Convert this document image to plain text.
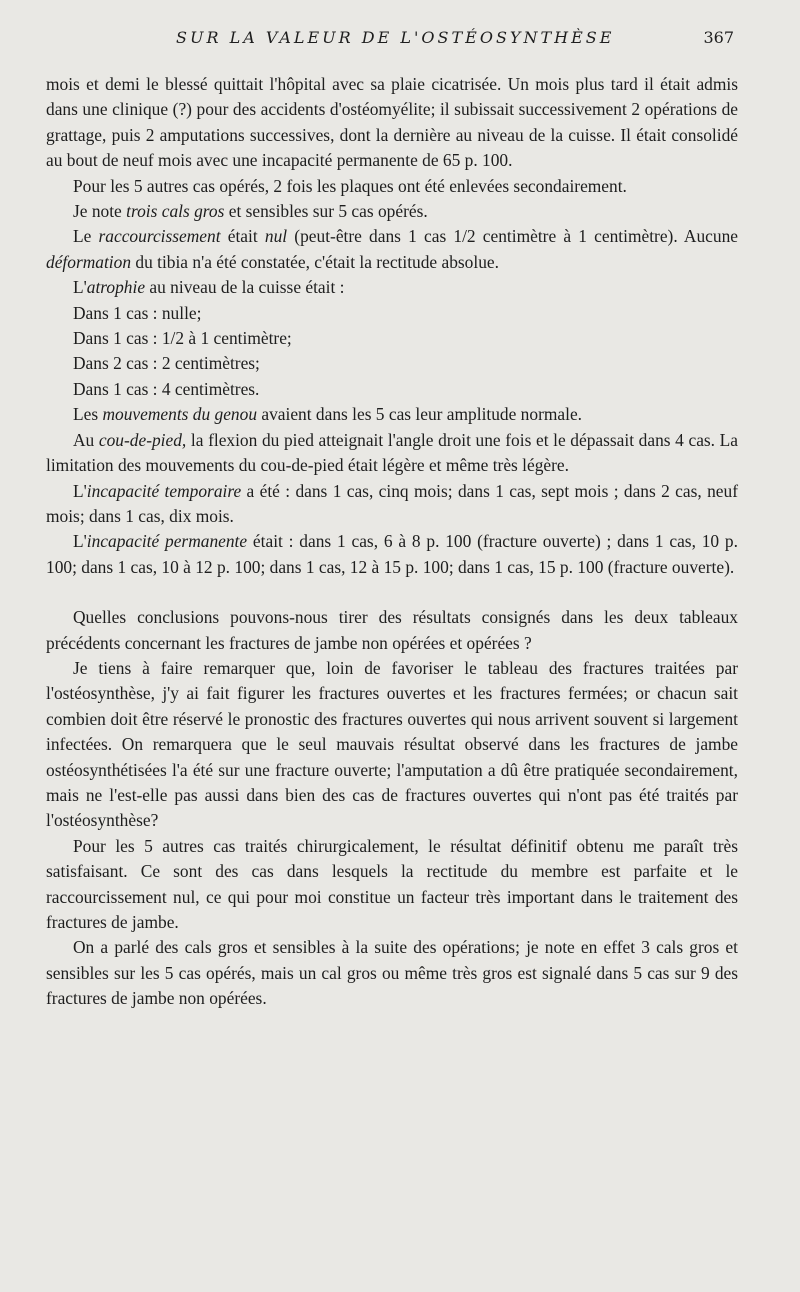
SUR LA VALEUR DE L'OSTÉOSYNTHÈSE	367

mois et demi le blessé quittait l'hôpital avec sa plaie cicatrisée. Un mois plus tard il était admis dans une clinique (?) pour des accidents d'ostéomyélite; il subissait successivement 2 opérations de grattage, puis 2 amputations successives, dont la dernière au niveau de la cuisse. Il était consolidé au bout de neuf mois avec une incapacité permanente de 65 p. 100.

Pour les 5 autres cas opérés, 2 fois les plaques ont été enlevées secondairement.

Je note trois cals gros et sensibles sur 5 cas opérés.

Le raccourcissement était nul (peut-être dans 1 cas 1/2 centimètre à 1 centimètre). Aucune déformation du tibia n'a été constatée, c'était la rectitude absolue.

L'atrophie au niveau de la cuisse était :

Dans 1 cas : nulle;

Dans 1 cas : 1/2 à 1 centimètre;

Dans 2 cas : 2 centimètres;

Dans 1 cas : 4 centimètres.

Les mouvements du genou avaient dans les 5 cas leur amplitude normale.

Au cou-de-pied, la flexion du pied atteignait l'angle droit une fois et le dépassait dans 4 cas. La limitation des mouvements du cou-de-pied était légère et même très légère.

L'incapacité temporaire a été : dans 1 cas, cinq mois; dans 1 cas, sept mois ; dans 2 cas, neuf mois; dans 1 cas, dix mois.

L'incapacité permanente était : dans 1 cas, 6 à 8 p. 100 (fracture ouverte) ; dans 1 cas, 10 p. 100; dans 1 cas, 10 à 12 p. 100; dans 1 cas, 12 à 15 p. 100; dans 1 cas, 15 p. 100 (fracture ouverte).

Quelles conclusions pouvons-nous tirer des résultats consignés dans les deux tableaux précédents concernant les fractures de jambe non opérées et opérées ?

Je tiens à faire remarquer que, loin de favoriser le tableau des fractures traitées par l'ostéosynthèse, j'y ai fait figurer les fractures ouvertes et les fractures fermées; or chacun sait combien doit être réservé le pronostic des fractures ouvertes qui nous arrivent souvent si largement infectées. On remarquera que le seul mauvais résultat observé dans les fractures de jambe ostéosynthétisées l'a été sur une fracture ouverte; l'amputation a dû être pratiquée secondairement, mais ne l'est-elle pas aussi dans bien des cas de fractures ouvertes qui n'ont pas été traités par l'ostéosynthèse?

Pour les 5 autres cas traités chirurgicalement, le résultat définitif obtenu me paraît très satisfaisant. Ce sont des cas dans lesquels la rectitude du membre est parfaite et le raccourcissement nul, ce qui pour moi constitue un facteur très important dans le traitement des fractures de jambe.

On a parlé des cals gros et sensibles à la suite des opérations; je note en effet 3 cals gros et sensibles sur les 5 cas opérés, mais un cal gros ou même très gros est signalé dans 5 cas sur 9 des fractures de jambe non opérées.
